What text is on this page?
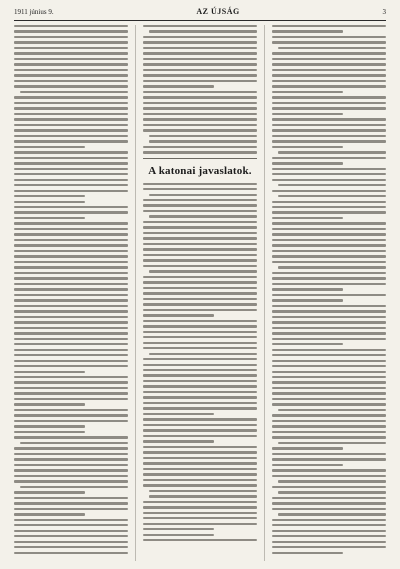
1911 június 9.	AZ ÚJSÁG	3
A katonai javaslatok.
